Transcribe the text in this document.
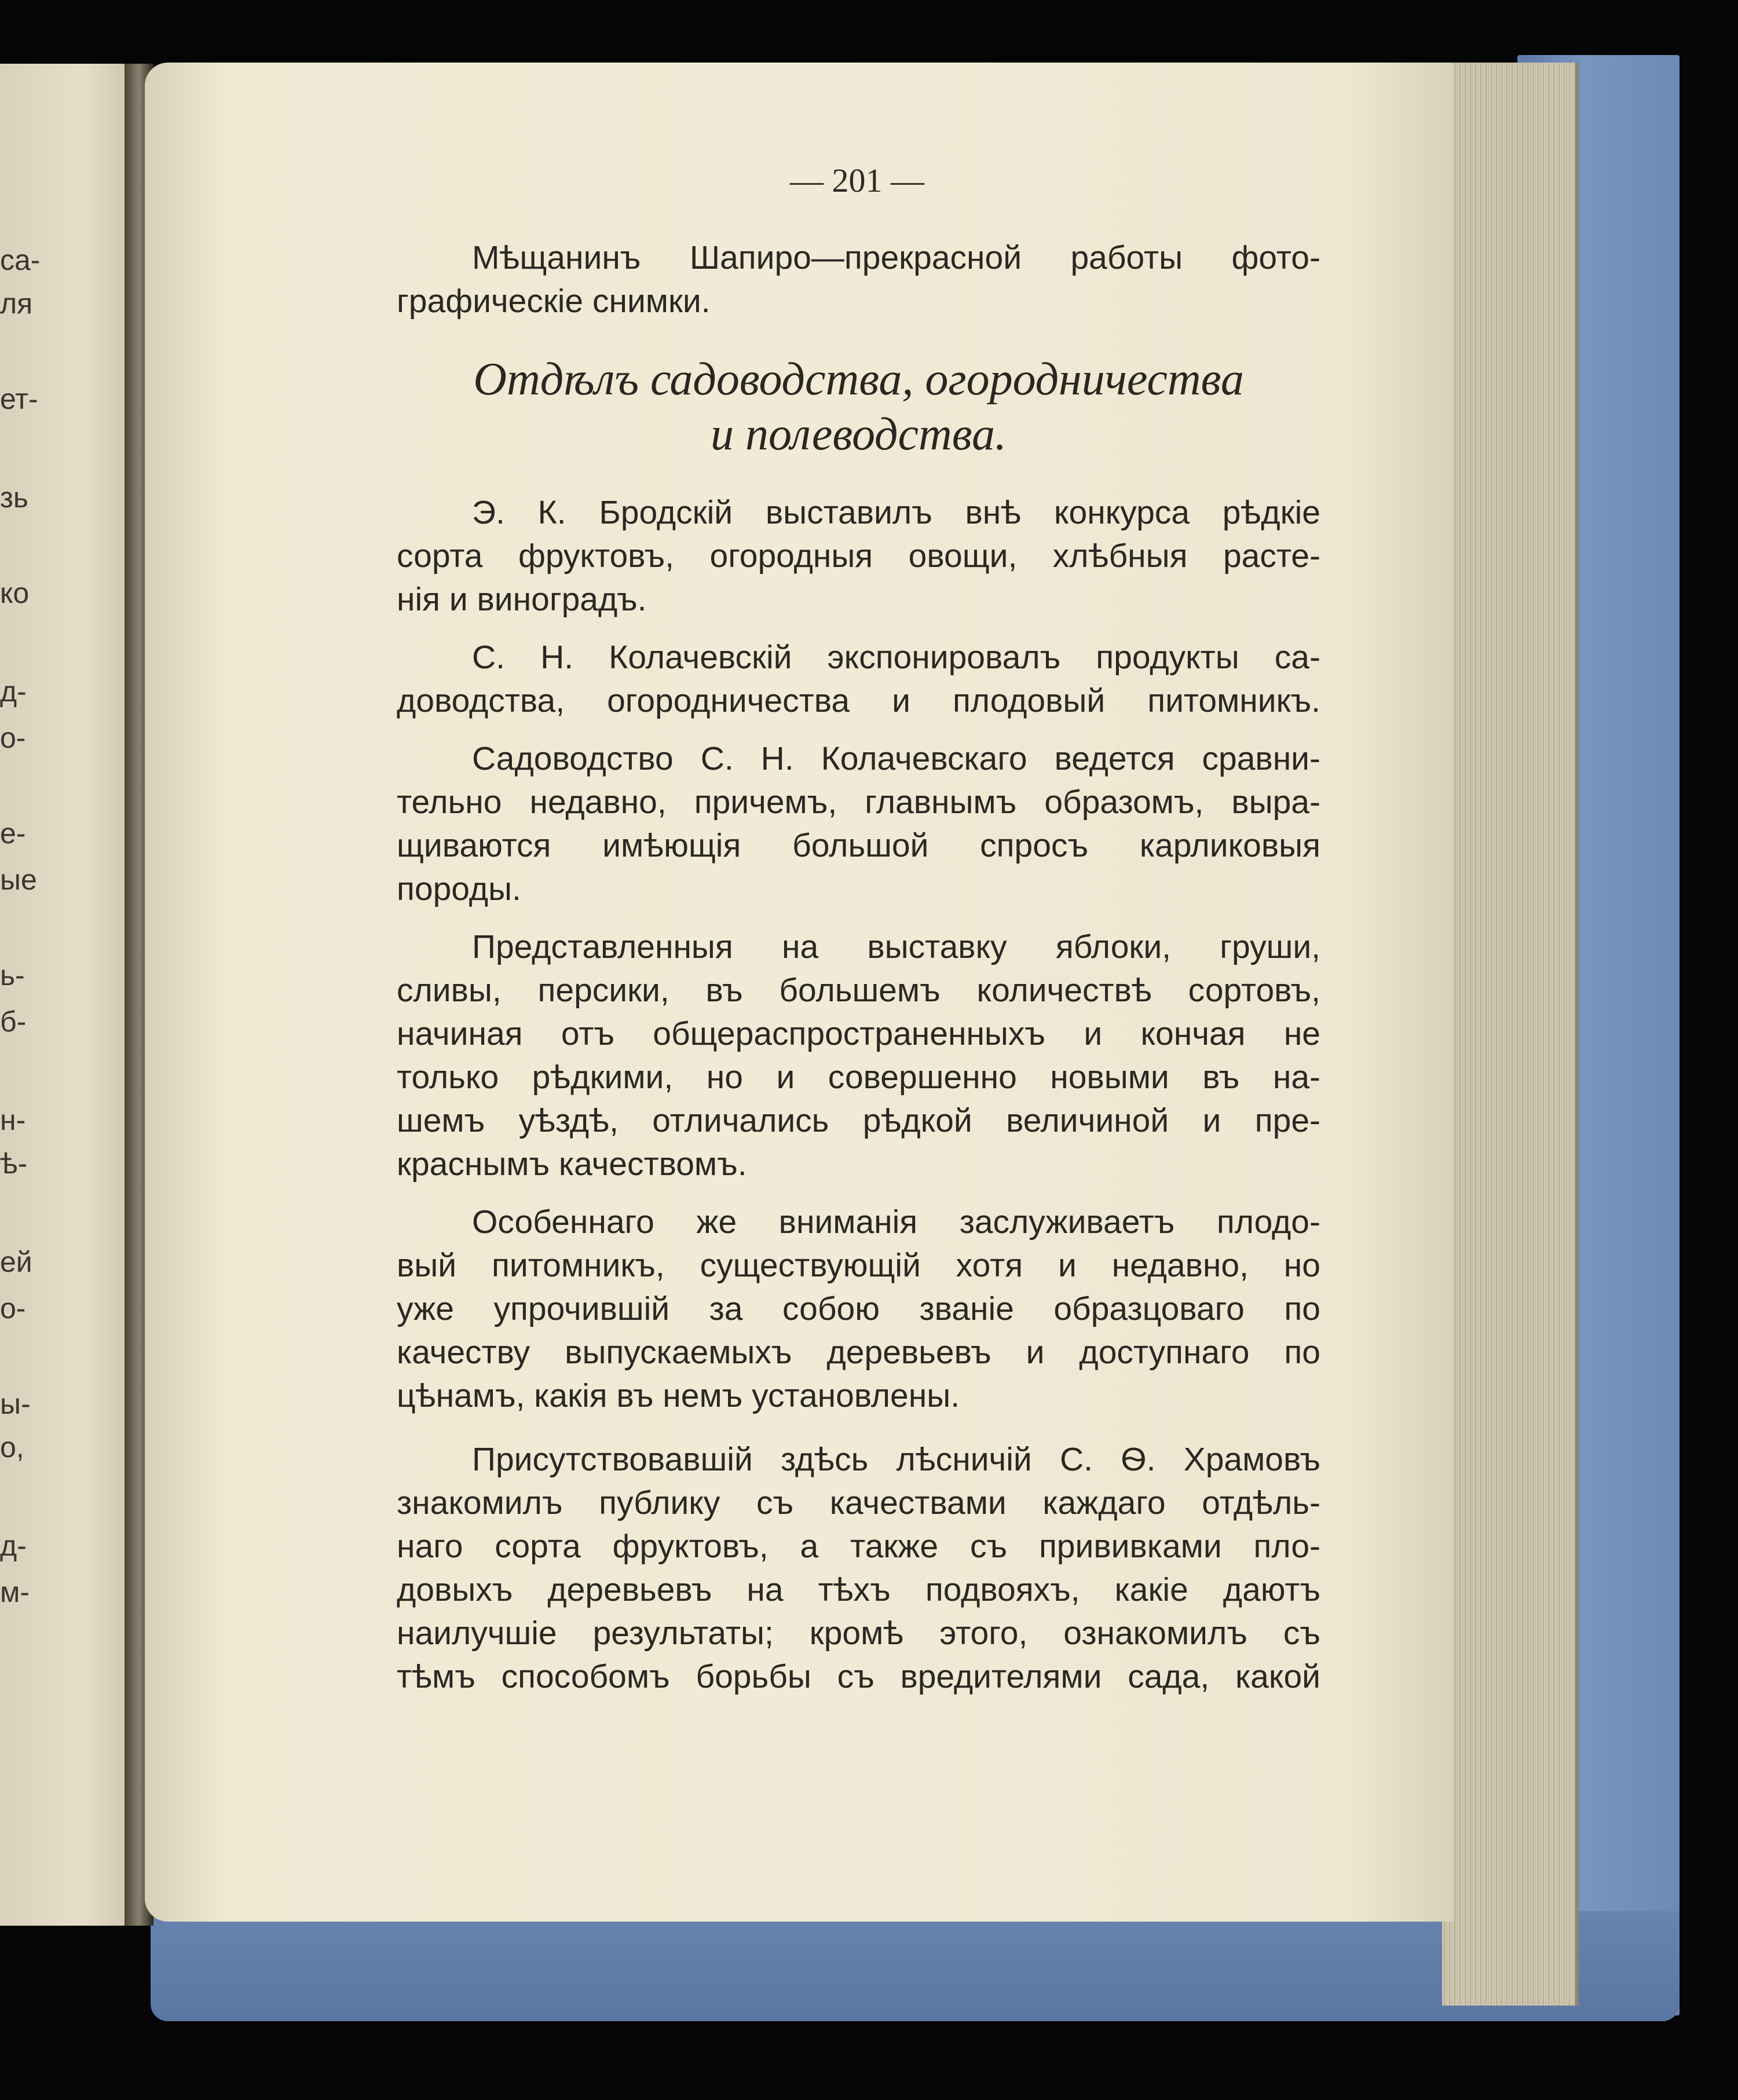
са-
ля
ет-
зь
ко
д-
о-
е-
ые
ь-
б-
н-
ѣ-
ей
о-
ы-
о,
д-
м-
— 201 —
Мѣщанинъ Шапиро—прекрасной работы фото-
графическіе снимки.
Отдѣлъ садоводства, огородничества
и полеводства.
Э. К. Бродскій выставилъ внѣ конкурса рѣдкіе
сорта фруктовъ, огородныя овощи, хлѣбныя расте-
нія и виноградъ.
С. Н. Колачевскій экспонировалъ продукты са-
доводства, огородничества и плодовый питомникъ.
Садоводство С. Н. Колачевскаго ведется сравни-
тельно недавно, причемъ, главнымъ образомъ, выра-
щиваются имѣющія большой спросъ карликовыя
породы.
Представленныя на выставку яблоки, груши,
сливы, персики, въ большемъ количествѣ сортовъ,
начиная отъ общераспространенныхъ и кончая не
только рѣдкими, но и совершенно новыми въ на-
шемъ уѣздѣ, отличались рѣдкой величиной и пре-
краснымъ качествомъ.
Особеннаго же вниманія заслуживаетъ плодо-
вый питомникъ, существующій хотя и недавно, но
уже упрочившій за собою званіе образцоваго по
качеству выпускаемыхъ деревьевъ и доступнаго по
цѣнамъ, какія въ немъ установлены.
Присутствовавшій здѣсь лѣсничій С. Ѳ. Храмовъ
знакомилъ публику съ качествами каждаго отдѣль-
наго сорта фруктовъ, а также съ прививками пло-
довыхъ деревьевъ на тѣхъ подвояхъ, какіе даютъ
наилучшіе результаты; кромѣ этого, ознакомилъ съ
тѣмъ способомъ борьбы съ вредителями сада, какой
